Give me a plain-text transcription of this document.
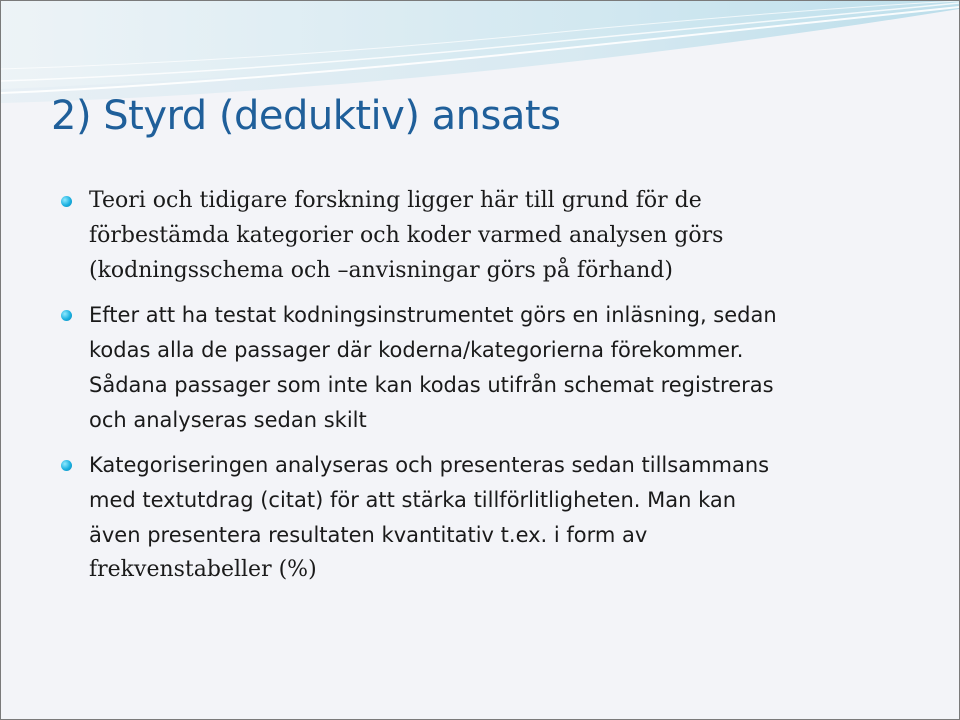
2) Styrd (deduktiv) ansats
Teori och tidigare forskning ligger här till grund för de
förbestämda kategorier och koder varmed analysen görs
(kodningsschema och –anvisningar görs på förhand)
Efter att ha testat kodningsinstrumentet görs en inläsning, sedan
kodas alla de passager där koderna/kategorierna förekommer.
Sådana passager som inte kan kodas utifrån schemat registreras
och analyseras sedan skilt
Kategoriseringen analyseras och presenteras sedan tillsammans
med textutdrag (citat) för att stärka tillförlitligheten. Man kan
även presentera resultaten kvantitativ t.ex. i form av
frekvenstabeller (%)
